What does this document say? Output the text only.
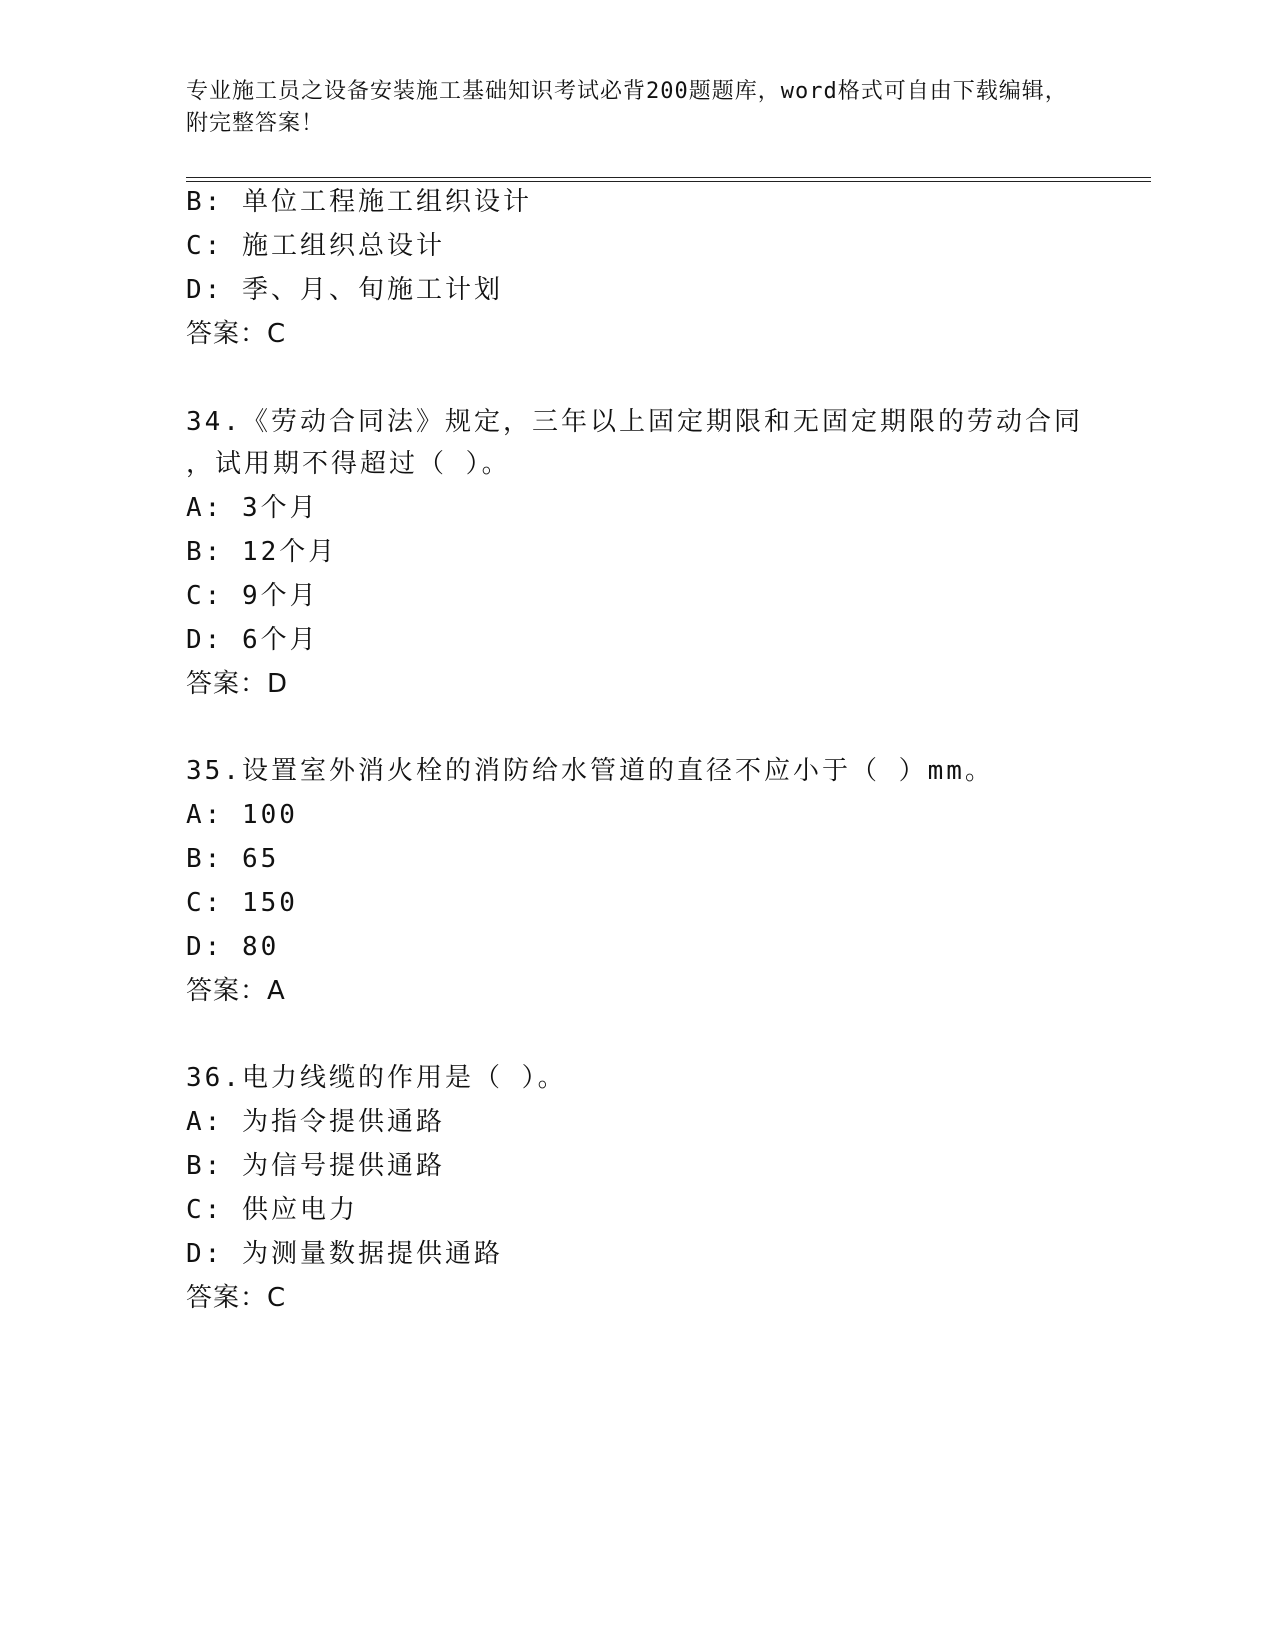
专业施工员之设备安装施工基础知识考试必背200题题库，word格式可自由下载编辑，附完整答案！
B: 单位工程施工组织设计
C: 施工组织总设计
D: 季、月、旬施工计划
答案：C
34.《劳动合同法》规定，三年以上固定期限和无固定期限的劳动合同
，试用期不得超过（ ）。
A: 3个月
B: 12个月
C: 9个月
D: 6个月
答案：D
35.设置室外消火栓的消防给水管道的直径不应小于（ ）mm。
A: 100
B: 65
C: 150
D: 80
答案：A
36.电力线缆的作用是（ ）。
A: 为指令提供通路
B: 为信号提供通路
C: 供应电力
D: 为测量数据提供通路
答案：C
